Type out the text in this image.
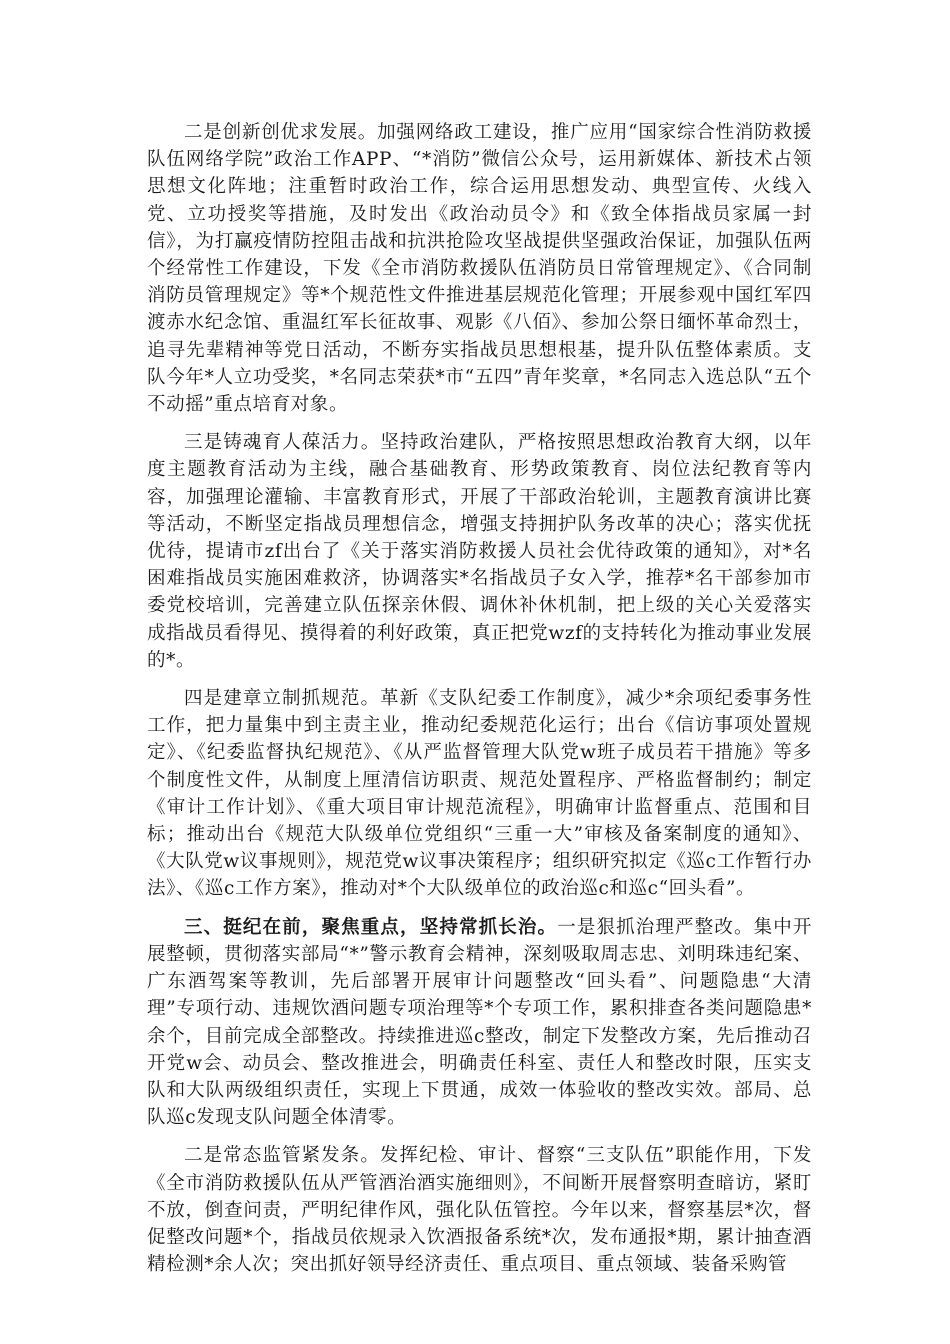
二是创新创优求发展。加强网络政工建设，推广应用“国家综合性消防救援队伍网络学院”政治工作APP、“*消防”微信公众号，运用新媒体、新技术占领思想文化阵地；注重暂时政治工作，综合运用思想发动、典型宣传、火线入党、立功授奖等措施，及时发出《政治动员令》和《致全体指战员家属一封信》，为打赢疫情防控阻击战和抗洪抢险攻坚战提供坚强政治保证，加强队伍两个经常性工作建设，下发《全市消防救援队伍消防员日常管理规定》、《合同制消防员管理规定》等*个规范性文件推进基层规范化管理；开展参观中国红军四渡赤水纪念馆、重温红军长征故事、观影《八佰》、参加公祭日缅怀革命烈士，追寻先辈精神等党日活动，不断夯实指战员思想根基，提升队伍整体素质。支队今年*人立功受奖，*名同志荣获*市“五四”青年奖章，*名同志入选总队“五个不动摇”重点培育对象。

三是铸魂育人葆活力。坚持政治建队，严格按照思想政治教育大纲，以年度主题教育活动为主线，融合基础教育、形势政策教育、岗位法纪教育等内容，加强理论灌输、丰富教育形式，开展了干部政治轮训，主题教育演讲比赛等活动，不断坚定指战员理想信念，增强支持拥护队务改革的决心；落实优抚优待，提请市zf出台了《关于落实消防救援人员社会优待政策的通知》，对*名困难指战员实施困难救济，协调落实*名指战员子女入学，推荐*名干部参加市委党校培训，完善建立队伍探亲休假、调休补休机制，把上级的关心关爱落实成指战员看得见、摸得着的利好政策，真正把党wzf的支持转化为推动事业发展的*。

四是建章立制抓规范。革新《支队纪委工作制度》，减少*余项纪委事务性工作，把力量集中到主责主业，推动纪委规范化运行；出台《信访事项处置规定》、《纪委监督执纪规范》、《从严监督管理大队党w班子成员若干措施》等多个制度性文件，从制度上厘清信访职责、规范处置程序、严格监督制约；制定《审计工作计划》、《重大项目审计规范流程》，明确审计监督重点、范围和目标；推动出台《规范大队级单位党组织“三重一大”审核及备案制度的通知》、《大队党w议事规则》，规范党w议事决策程序；组织研究拟定《巡c工作暂行办法》、《巡c工作方案》，推动对*个大队级单位的政治巡c和巡c“回头看”。

三、挺纪在前，聚焦重点，坚持常抓长治。一是狠抓治理严整改。集中开展整顿，贯彻落实部局“*”警示教育会精神，深刻吸取周志忠、刘明珠违纪案、广东酒驾案等教训，先后部署开展审计问题整改“回头看”、问题隐患“大清理”专项行动、违规饮酒问题专项治理等*个专项工作，累积排查各类问题隐患*余个，目前完成全部整改。持续推进巡c整改，制定下发整改方案，先后推动召开党w会、动员会、整改推进会，明确责任科室、责任人和整改时限，压实支队和大队两级组织责任，实现上下贯通，成效一体验收的整改实效。部局、总队巡c发现支队问题全体清零。

二是常态监管紧发条。发挥纪检、审计、督察“三支队伍”职能作用，下发《全市消防救援队伍从严管酒治酒实施细则》，不间断开展督察明查暗访，紧盯不放，倒查问责，严明纪律作风，强化队伍管控。今年以来，督察基层*次，督促整改问题*个，指战员依规录入饮酒报备系统*次，发布通报*期，累计抽查酒精检测*余人次；突出抓好领导经济责任、重点项目、重点领域、装备采购管
